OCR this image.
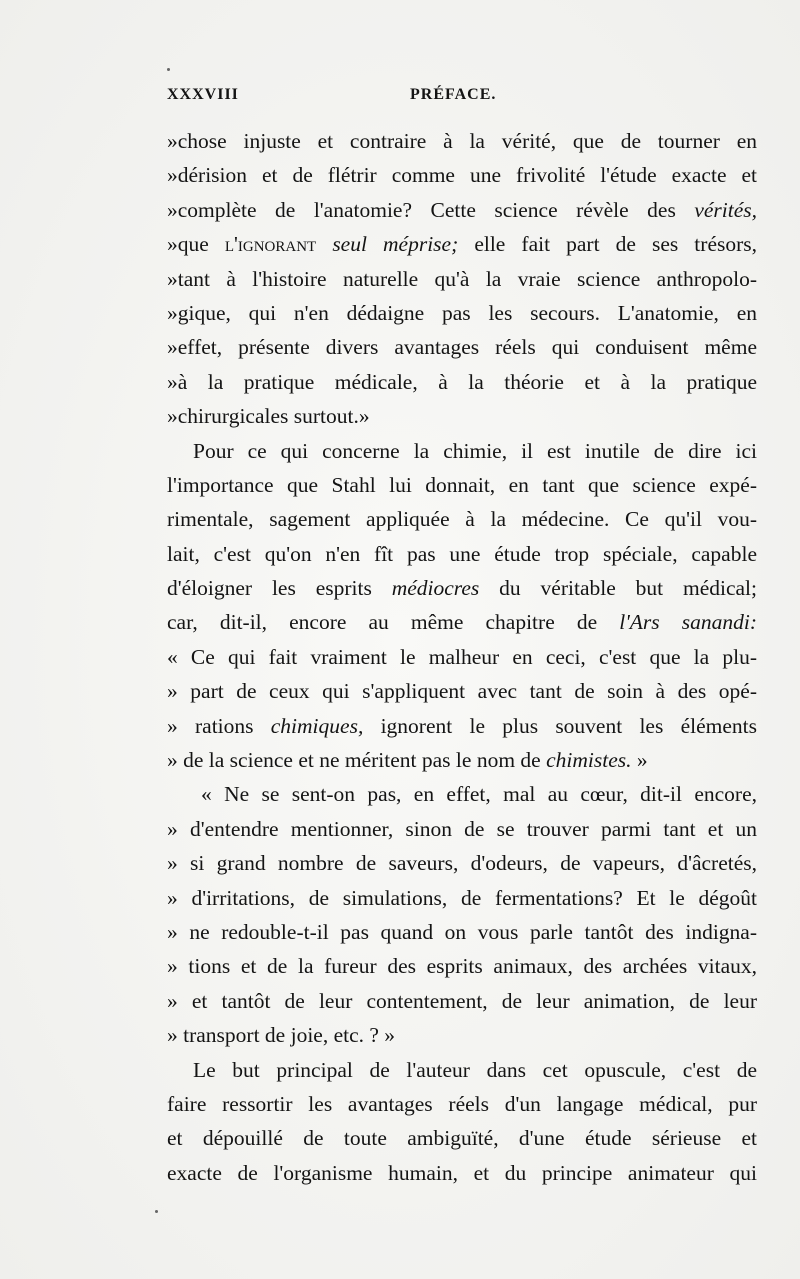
XXXVIII	PRÉFACE.
»chose injuste et contraire à la vérité, que de tourner en
»dérision et de flétrir comme une frivolité l'étude exacte et
»complète de l'anatomie? Cette science révèle des vérités,
»que l'ignorant seul méprise; elle fait part de ses trésors,
»tant à l'histoire naturelle qu'à la vraie science anthropolo-
»gique, qui n'en dédaigne pas les secours. L'anatomie, en
»effet, présente divers avantages réels qui conduisent même
»à la pratique médicale, à la théorie et à la pratique
»chirurgicales surtout.»
Pour ce qui concerne la chimie, il est inutile de dire ici
l'importance que Stahl lui donnait, en tant que science expé-
rimentale, sagement appliquée à la médecine. Ce qu'il vou-
lait, c'est qu'on n'en fît pas une étude trop spéciale, capable
d'éloigner les esprits médiocres du véritable but médical;
car, dit-il, encore au même chapitre de l'Ars sanandi:
« Ce qui fait vraiment le malheur en ceci, c'est que la plu-
» part de ceux qui s'appliquent avec tant de soin à des opé-
» rations chimiques, ignorent le plus souvent les éléments
» de la science et ne méritent pas le nom de chimistes. »
« Ne se sent-on pas, en effet, mal au cœur, dit-il encore,
» d'entendre mentionner, sinon de se trouver parmi tant et un
» si grand nombre de saveurs, d'odeurs, de vapeurs, d'âcretés,
» d'irritations, de simulations, de fermentations? Et le dégoût
» ne redouble-t-il pas quand on vous parle tantôt des indigna-
» tions et de la fureur des esprits animaux, des archées vitaux,
» et tantôt de leur contentement, de leur animation, de leur
» transport de joie, etc. ? »
Le but principal de l'auteur dans cet opuscule, c'est de
faire ressortir les avantages réels d'un langage médical, pur
et dépouillé de toute ambiguïté, d'une étude sérieuse et
exacte de l'organisme humain, et du principe animateur qui
